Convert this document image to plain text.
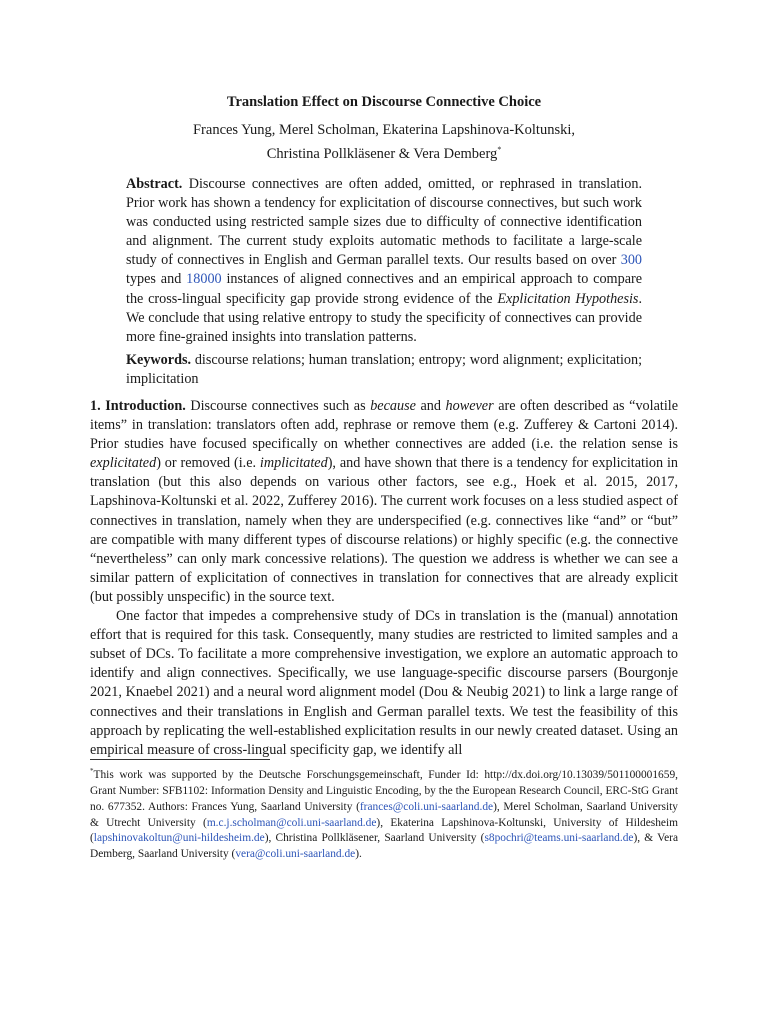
Translation Effect on Discourse Connective Choice
Frances Yung, Merel Scholman, Ekaterina Lapshinova-Koltunski,
Christina Pollkläsener & Vera Demberg*

Abstract. Discourse connectives are often added, omitted, or rephrased in translation. Prior work has shown a tendency for explicitation of discourse connectives, but such work was conducted using restricted sample sizes due to difficulty of connective identification and alignment. The current study exploits automatic methods to facilitate a large-scale study of connectives in English and German parallel texts. Our results based on over 300 types and 18000 instances of aligned connectives and an empirical approach to compare the cross-lingual specificity gap provide strong evidence of the Explicitation Hypothesis. We conclude that using relative entropy to study the specificity of connectives can provide more fine-grained insights into translation patterns.

Keywords. discourse relations; human translation; entropy; word alignment; explicitation; implicitation

1. Introduction. Discourse connectives such as because and however are often described as “volatile items” in translation: translators often add, rephrase or remove them (e.g. Zufferey & Cartoni 2014). Prior studies have focused specifically on whether connectives are added (i.e. the relation sense is explicitated) or removed (i.e. implicitated), and have shown that there is a tendency for explicitation in translation (but this also depends on various other factors, see e.g., Hoek et al. 2015, 2017, Lapshinova-Koltunski et al. 2022, Zufferey 2016). The current work focuses on a less studied aspect of connectives in translation, namely when they are underspecified (e.g. connectives like “and” or “but” are compatible with many different types of discourse relations) or highly specific (e.g. the connective “nevertheless” can only mark concessive relations). The question we address is whether we can see a similar pattern of explicitation of connectives in translation for connectives that are already explicit (but possibly unspecific) in the source text.

One factor that impedes a comprehensive study of DCs in translation is the (manual) annotation effort that is required for this task. Consequently, many studies are restricted to limited samples and a subset of DCs. To facilitate a more comprehensive investigation, we explore an automatic approach to identify and align connectives. Specifically, we use language-specific discourse parsers (Bourgonje 2021, Knaebel 2021) and a neural word alignment model (Dou & Neubig 2021) to link a large range of connectives and their translations in English and German parallel texts. We test the feasibility of this approach by replicating the well-established explicitation results in our newly created dataset. Using an empirical measure of cross-lingual specificity gap, we identify all

*This work was supported by the Deutsche Forschungsgemeinschaft, Funder Id: http://dx.doi.org/10.13039/501100001659, Grant Number: SFB1102: Information Density and Linguistic Encoding, by the the European Research Council, ERC-StG Grant no. 677352. Authors: Frances Yung, Saarland University (frances@coli.uni-saarland.de), Merel Scholman, Saarland University & Utrecht University (m.c.j.scholman@coli.uni-saarland.de), Ekaterina Lapshinova-Koltunski, University of Hildesheim (lapshinovakoltun@uni-hildesheim.de), Christina Pollkläsener, Saarland University (s8pochri@teams.uni-saarland.de), & Vera Demberg, Saarland University (vera@coli.uni-saarland.de).
